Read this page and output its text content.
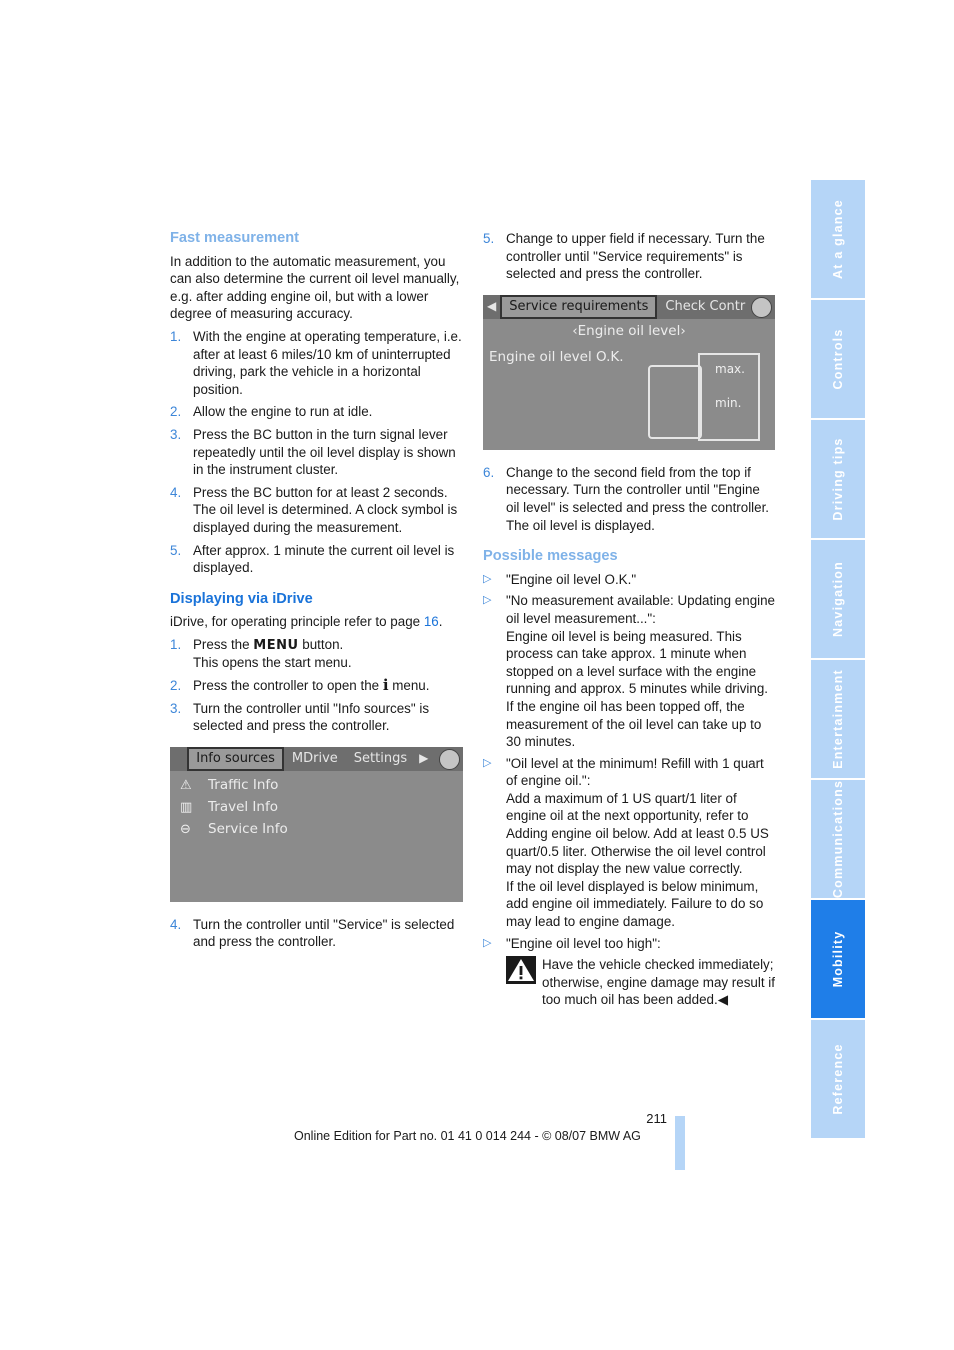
Fast measurement

In addition to the automatic measurement, you can also determine the current oil level manually, e.g. after adding engine oil, but with a lower degree of measuring accuracy.

1. With the engine at operating temperature, i.e. after at least 6 miles/10 km of uninterrupted driving, park the vehicle in a horizontal position.
2. Allow the engine to run at idle.
3. Press the BC button in the turn signal lever repeatedly until the oil level display is shown in the instrument cluster.
4. Press the BC button for at least 2 seconds. The oil level is determined. A clock symbol is displayed during the measurement.
5. After approx. 1 minute the current oil level is displayed.
Displaying via iDrive

iDrive, for operating principle refer to page 16.

1. Press the MENU button.
This opens the start menu.
2. Press the controller to open the i menu.
3. Turn the controller until "Info sources" is selected and press the controller.
Info sources	MDrive	Settings	▶
⚠	Traffic Info
▥	Travel Info
⊖	Service Info
4. Turn the controller until "Service" is selected and press the controller.
5. Change to upper field if necessary. Turn the controller until "Service requirements" is selected and press the controller.
◀	Service requirements	Check Contr
‹Engine oil level›
Engine oil level O.K.
max.
min.
6. Change to the second field from the top if necessary. Turn the controller until "Engine oil level" is selected and press the controller. The oil level is displayed.
Possible messages
▷	"Engine oil level O.K."
▷	"No measurement available: Updating engine oil level measurement...":
Engine oil level is being measured. This process can take approx. 1 minute when stopped on a level surface with the engine running and approx. 5 minutes while driving.
If the engine oil has been topped off, the measurement of the oil level can take up to 30 minutes.
▷	"Oil level at the minimum! Refill with 1 quart of engine oil.":
Add a maximum of 1 US quart/1 liter of engine oil at the next opportunity, refer to Adding engine oil below. Add at least 0.5 US quart/0.5 liter. Otherwise the oil level control may not display the new value correctly.
If the oil level displayed is below minimum, add engine oil immediately. Failure to do so may lead to engine damage.
▷	"Engine oil level too high":
Have the vehicle checked immediately; otherwise, engine damage may result if too much oil has been added.◀
At a glance
Controls
Driving tips
Navigation
Entertainment
Communications
Mobility
Reference
211
Online Edition for Part no. 01 41 0 014 244 - © 08/07 BMW AG
